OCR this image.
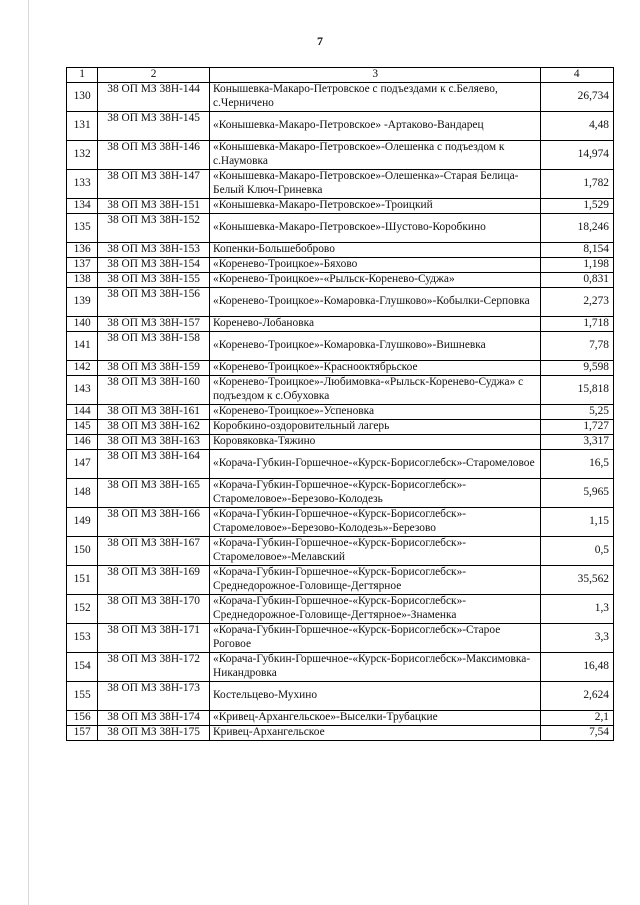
7
1	2	3	4
130	38 ОП МЗ 38Н-144	Конышевка-Макаро-Петровское с подъездами к с.Беляево, с.Черничено	26,734
131	38 ОП МЗ 38Н-145	«Конышевка-Макаро-Петровское» -Артаково-Вандарец	4,48
132	38 ОП МЗ 38Н-146	«Конышевка-Макаро-Петровское»-Олешенка с подъездом к с.Наумовка	14,974
133	38 ОП МЗ 38Н-147	«Конышевка-Макаро-Петровское»-Олешенка»-Старая Белица-Белый Ключ-Гриневка	1,782
134	38 ОП МЗ 38Н-151	«Конышевка-Макаро-Петровское»-Троицкий	1,529
135	38 ОП МЗ 38Н-152	«Конышевка-Макаро-Петровское»-Шустово-Коробкино	18,246
136	38 ОП МЗ 38Н-153	Копенки-Большебоброво	8,154
137	38 ОП МЗ 38Н-154	«Коренево-Троицкое»-Бяхово	1,198
138	38 ОП МЗ 38Н-155	«Коренево-Троицкое»-«Рыльск-Коренево-Суджа»	0,831
139	38 ОП МЗ 38Н-156	«Коренево-Троицкое»-Комаровка-Глушково»-Кобылки-Серповка	2,273
140	38 ОП МЗ 38Н-157	Коренево-Лобановка	1,718
141	38 ОП МЗ 38Н-158	«Коренево-Троицкое»-Комаровка-Глушково»-Вишневка	7,78
142	38 ОП МЗ 38Н-159	«Коренево-Троицкое»-Краснооктябрьское	9,598
143	38 ОП МЗ 38Н-160	«Коренево-Троицкое»-Любимовка-«Рыльск-Коренево-Суджа» с подъездом к с.Обуховка	15,818
144	38 ОП МЗ 38Н-161	«Коренево-Троицкое»-Успеновка	5,25
145	38 ОП МЗ 38Н-162	Коробкино-оздоровительный лагерь	1,727
146	38 ОП МЗ 38Н-163	Коровяковка-Тяжино	3,317
147	38 ОП МЗ 38Н-164	«Корача-Губкин-Горшечное-«Курск-Борисоглебск»-Старомеловое	16,5
148	38 ОП МЗ 38Н-165	«Корача-Губкин-Горшечное-«Курск-Борисоглебск»-Старомеловое»-Березово-Колодезь	5,965
149	38 ОП МЗ 38Н-166	«Корача-Губкин-Горшечное-«Курск-Борисоглебск»-Старомеловое»-Березово-Колодезь»-Березово	1,15
150	38 ОП МЗ 38Н-167	«Корача-Губкин-Горшечное-«Курск-Борисоглебск»-Старомеловое»-Мелавский	0,5
151	38 ОП МЗ 38Н-169	«Корача-Губкин-Горшечное-«Курск-Борисоглебск»-Среднедорожное-Головище-Дегтярное	35,562
152	38 ОП МЗ 38Н-170	«Корача-Губкин-Горшечное-«Курск-Борисоглебск»-Среднедорожное-Головище-Дегтярное»-Знаменка	1,3
153	38 ОП МЗ 38Н-171	«Корача-Губкин-Горшечное-«Курск-Борисоглебск»-Старое Роговое	3,3
154	38 ОП МЗ 38Н-172	«Корача-Губкин-Горшечное-«Курск-Борисоглебск»-Максимовка-Никандровка	16,48
155	38 ОП МЗ 38Н-173	Костельцево-Мухино	2,624
156	38 ОП МЗ 38Н-174	«Кривец-Архангельское»-Выселки-Трубацкие	2,1
157	38 ОП МЗ 38Н-175	Кривец-Архангельское	7,54
